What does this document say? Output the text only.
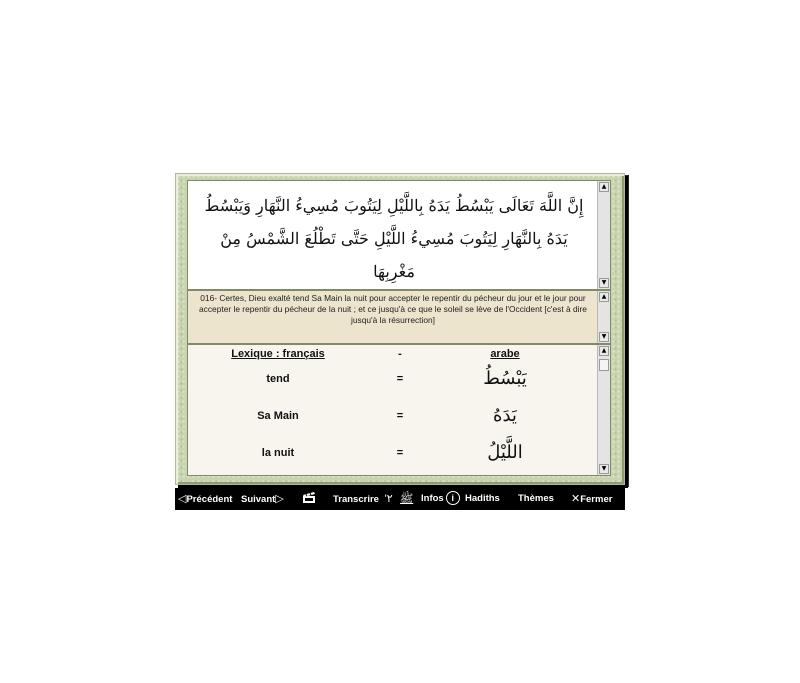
إِنَّ اللَّهَ تَعَالَى يَبْسُطُ يَدَهُ بِاللَّيْلِ لِيَتُوبَ مُسِيءُ النَّهَارِ وَيَبْسُطُ يَدَهُ بِالنَّهَارِ لِيَتُوبَ مُسِيءُ اللَّيْلِ حَتَّى تَطْلُعَ الشَّمْسُ مِنْ مَغْرِبِهَا
▲
▼
016- Certes, Dieu exalté tend Sa Main la nuit pour accepter le repentir du pécheur du jour et le jour pour accepter le repentir du pécheur de la nuit ; et ce jusqu'à ce que le soleil se lève de l'Occident [c'est à dire jusqu'à la résurrection]
▲
▼
Lexique : français	-	arabe
tend	=	يَبْسُطُ
Sa Main	=	يَدَهُ
la nuit	=	اللَّيْلُ
▲
▼
◁Précédent Suivant▷	Transcrire '٢ ﷺ Infos i	Hadiths Thèmes ✕Fermer
